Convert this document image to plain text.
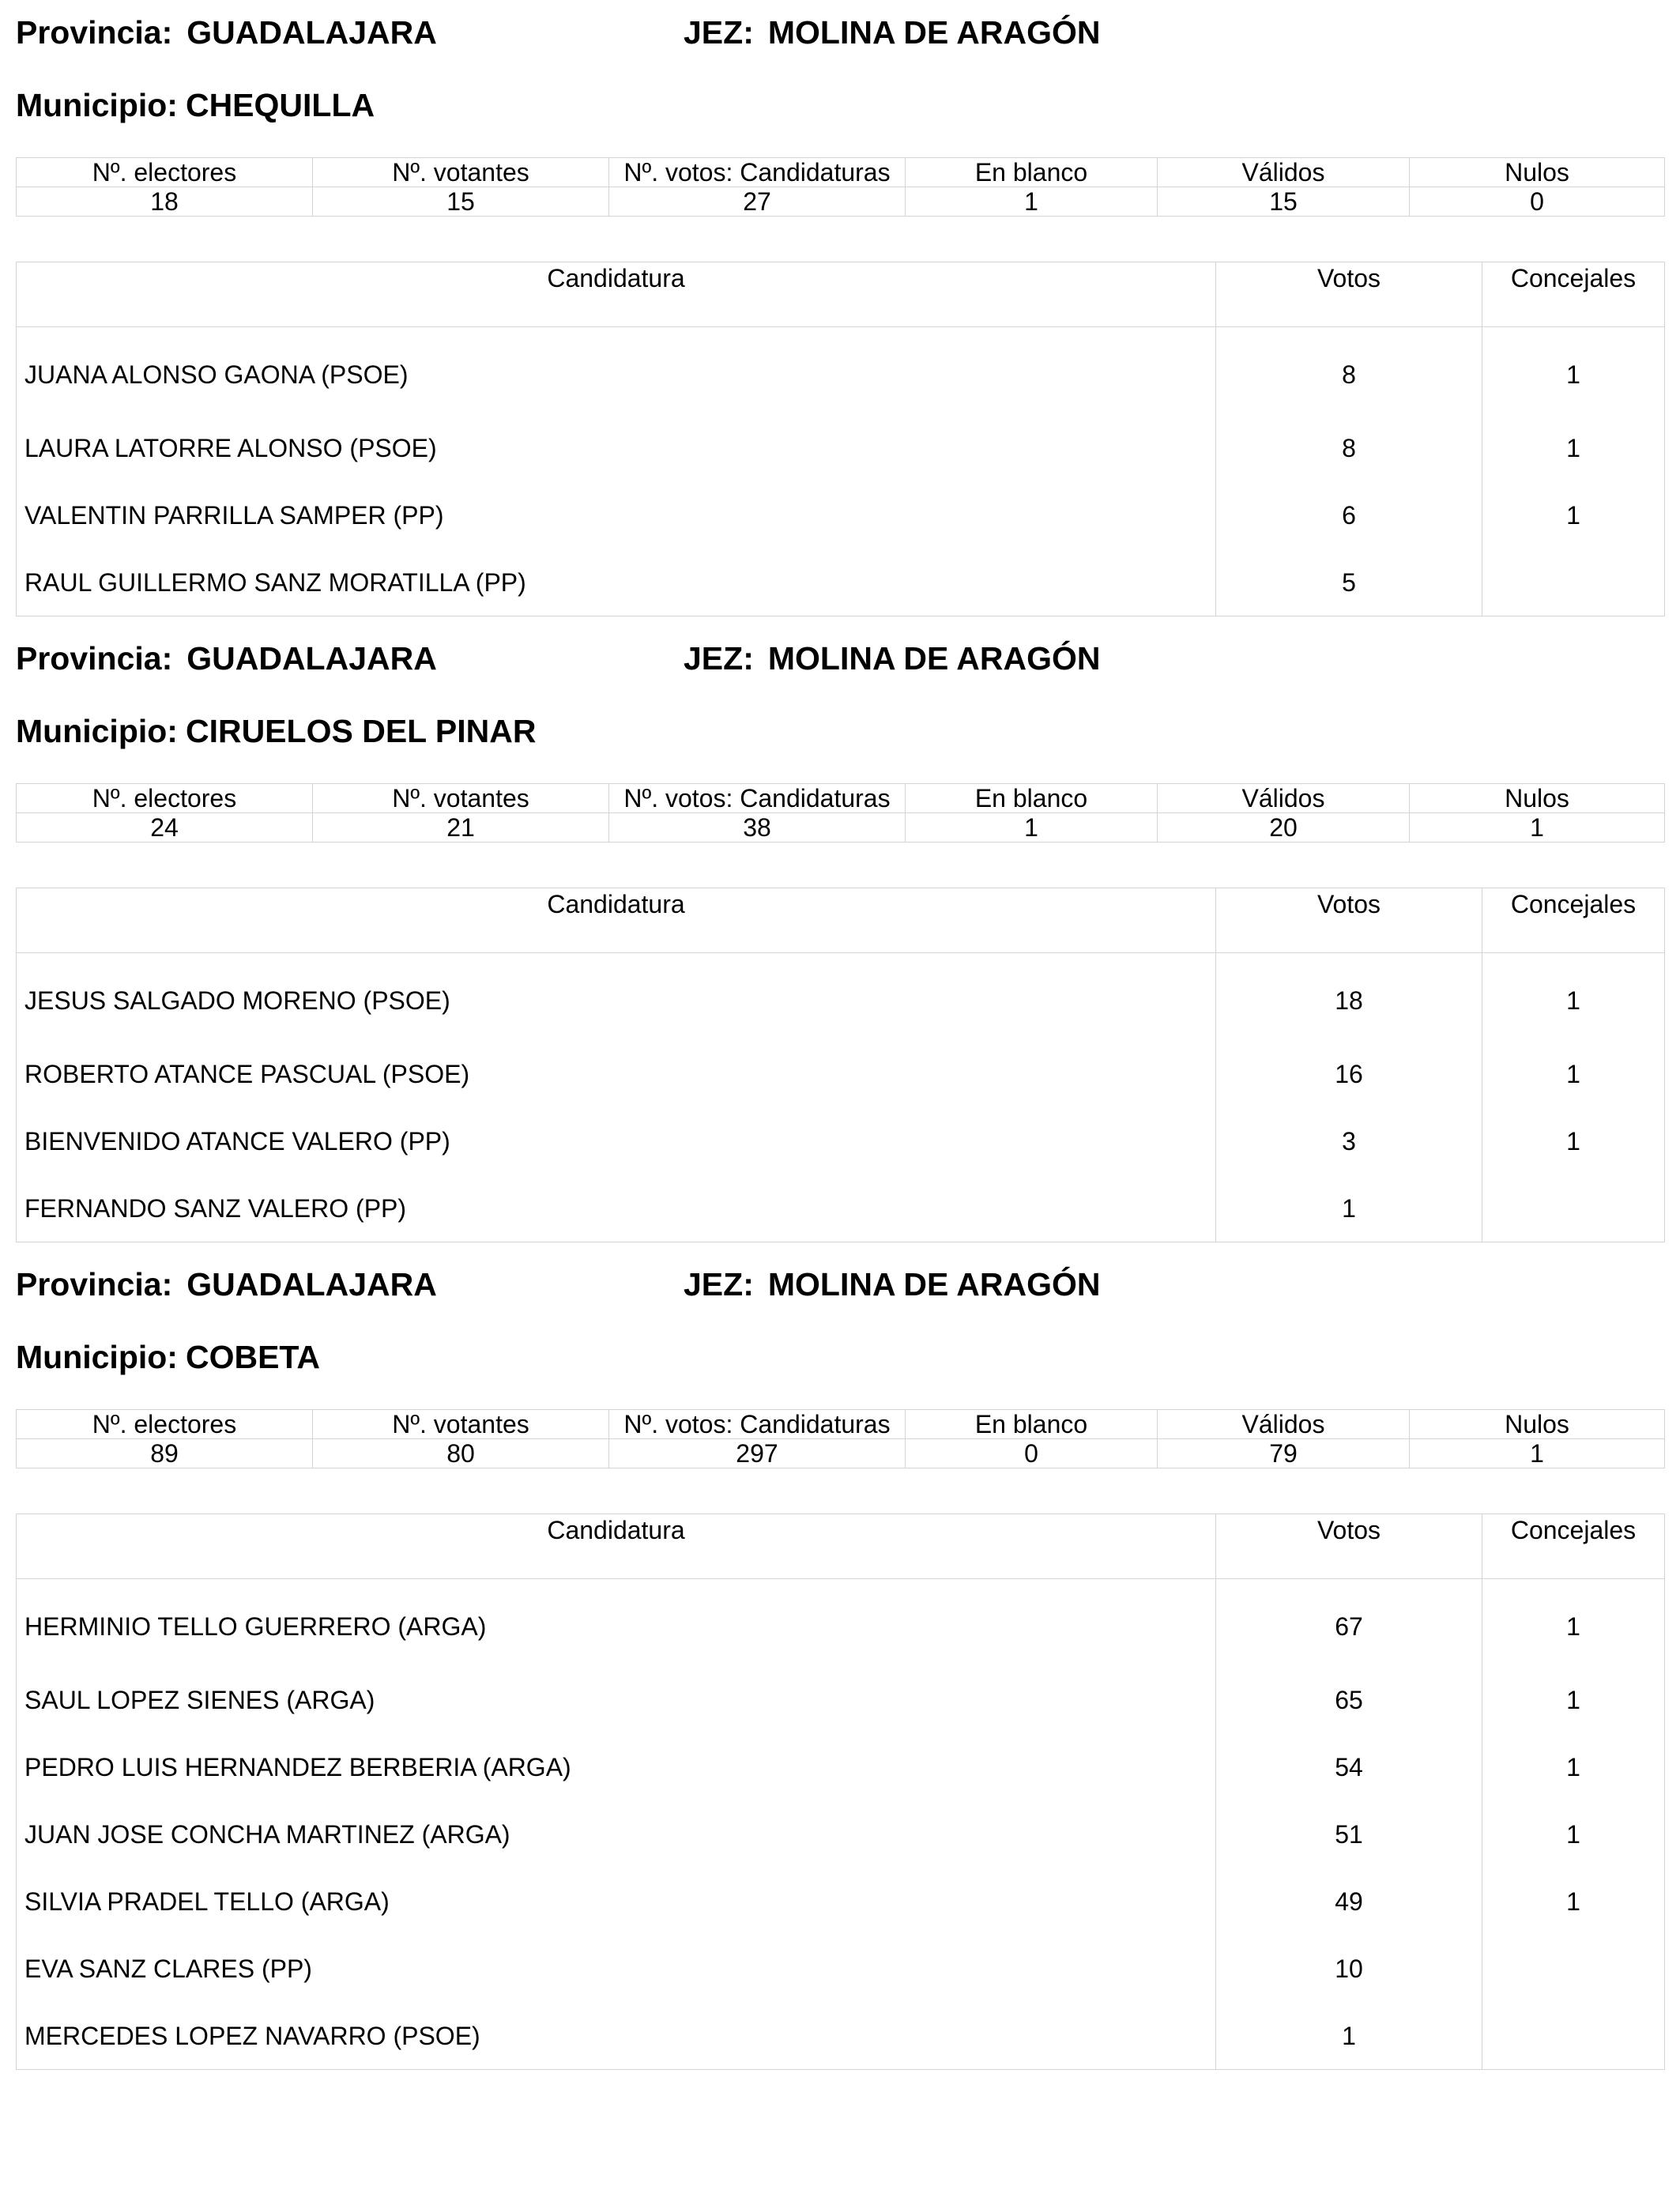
Provincia: GUADALAJARA	JEZ: MOLINA DE ARAGÓN
Municipio: CHEQUILLA
Nº. electores	Nº. votantes	Nº. votos: Candidaturas	En blanco	Válidos	Nulos
18	15	27	1	15	0
Candidatura	Votos	Concejales
JUANA ALONSO GAONA (PSOE)	8	1
LAURA LATORRE ALONSO (PSOE)	8	1
VALENTIN PARRILLA SAMPER (PP)	6	1
RAUL GUILLERMO SANZ MORATILLA (PP)	5	
Provincia: GUADALAJARA	JEZ: MOLINA DE ARAGÓN
Municipio: CIRUELOS DEL PINAR
Nº. electores	Nº. votantes	Nº. votos: Candidaturas	En blanco	Válidos	Nulos
24	21	38	1	20	1
Candidatura	Votos	Concejales
JESUS SALGADO MORENO (PSOE)	18	1
ROBERTO ATANCE PASCUAL (PSOE)	16	1
BIENVENIDO ATANCE VALERO (PP)	3	1
FERNANDO SANZ VALERO (PP)	1	
Provincia: GUADALAJARA	JEZ: MOLINA DE ARAGÓN
Municipio: COBETA
Nº. electores	Nº. votantes	Nº. votos: Candidaturas	En blanco	Válidos	Nulos
89	80	297	0	79	1
Candidatura	Votos	Concejales
HERMINIO TELLO GUERRERO (ARGA)	67	1
SAUL LOPEZ SIENES (ARGA)	65	1
PEDRO LUIS HERNANDEZ BERBERIA (ARGA)	54	1
JUAN JOSE CONCHA MARTINEZ (ARGA)	51	1
SILVIA PRADEL TELLO (ARGA)	49	1
EVA SANZ CLARES (PP)	10	
MERCEDES LOPEZ NAVARRO (PSOE)	1	
